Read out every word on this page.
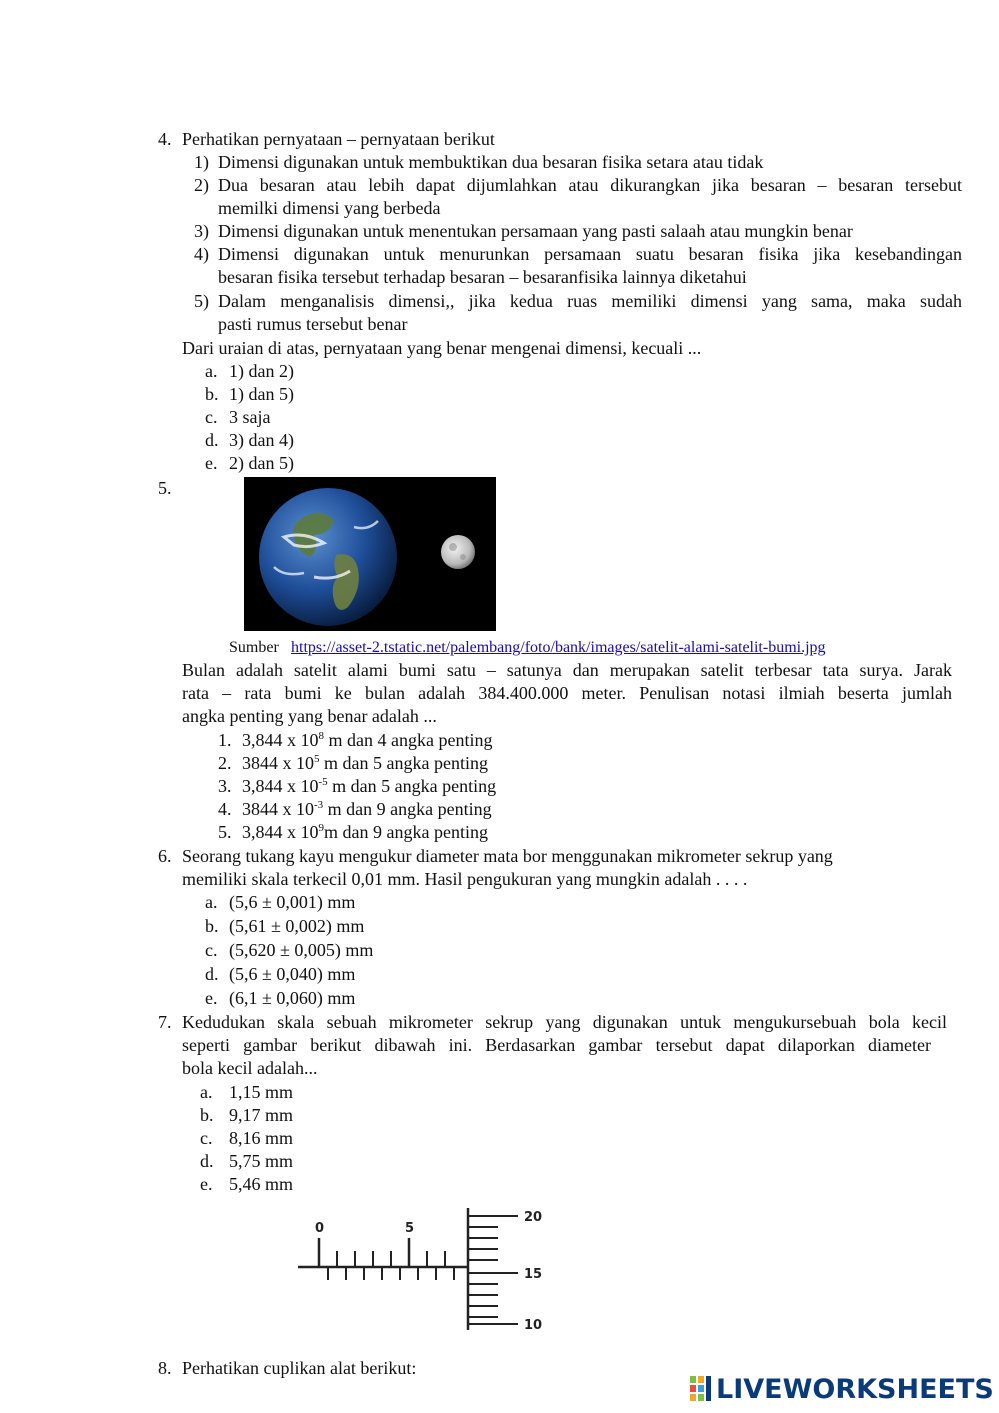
4. Perhatikan pernyataan – pernyataan berikut
1) Dimensi digunakan untuk membuktikan dua besaran fisika setara atau tidak
2) Dua besaran atau lebih dapat dijumlahkan atau dikurangkan jika besaran – besaran tersebut
memilki dimensi yang berbeda
3) Dimensi digunakan untuk menentukan persamaan yang pasti salaah atau mungkin benar
4) Dimensi digunakan untuk menurunkan persamaan suatu besaran fisika jika kesebandingan
besaran fisika tersebut terhadap besaran – besaranfisika lainnya diketahui
5) Dalam menganalisis dimensi,, jika kedua ruas memiliki dimensi yang sama, maka sudah
pasti rumus tersebut benar
Dari uraian di atas, pernyataan yang benar mengenai dimensi, kecuali ...
a. 1) dan 2)
b. 1) dan 5)
c. 3 saja
d. 3) dan 4)
e. 2) dan 5)
5.
Sumber https://asset-2.tstatic.net/palembang/foto/bank/images/satelit-alami-satelit-bumi.jpg
Bulan adalah satelit alami bumi satu – satunya dan merupakan satelit terbesar tata surya. Jarak
rata – rata bumi ke bulan adalah 384.400.000 meter. Penulisan notasi ilmiah beserta jumlah
angka penting yang benar adalah ...
1. 3,844 x $10^8$ m dan 4 angka penting
2. 3844 x $10^5$ m dan 5 angka penting
3. 3,844 x $10^{-5}$ m dan 5 angka penting
4. 3844 x $10^{-3}$ m dan 9 angka penting
5. 3,844 x $10^9m$ dan 9 angka penting
6. Seorang tukang kayu mengukur diameter mata bor menggunakan mikrometer sekrup yang
memiliki skala terkecil 0,01 mm. Hasil pengukuran yang mungkin adalah . . . .
a. (5,6 ± 0,001) mm
b. (5,61 ± 0,002) mm
c. (5,620 ± 0,005) mm
d. (5,6 ± 0,040) mm
e. (6,1 ± 0,060) mm
7. Kedudukan skala sebuah mikrometer sekrup yang digunakan untuk mengukursebuah bola kecil
seperti gambar berikut dibawah ini. Berdasarkan gambar tersebut dapat dilaporkan diameter
bola kecil adalah...
a. 1,15 mm
b. 9,17 mm
c. 8,16 mm
d. 5,75 mm
e. 5,46 mm
0	5
20
15
10
8. Perhatikan cuplikan alat berikut:
LIVEWORKSHEETS
